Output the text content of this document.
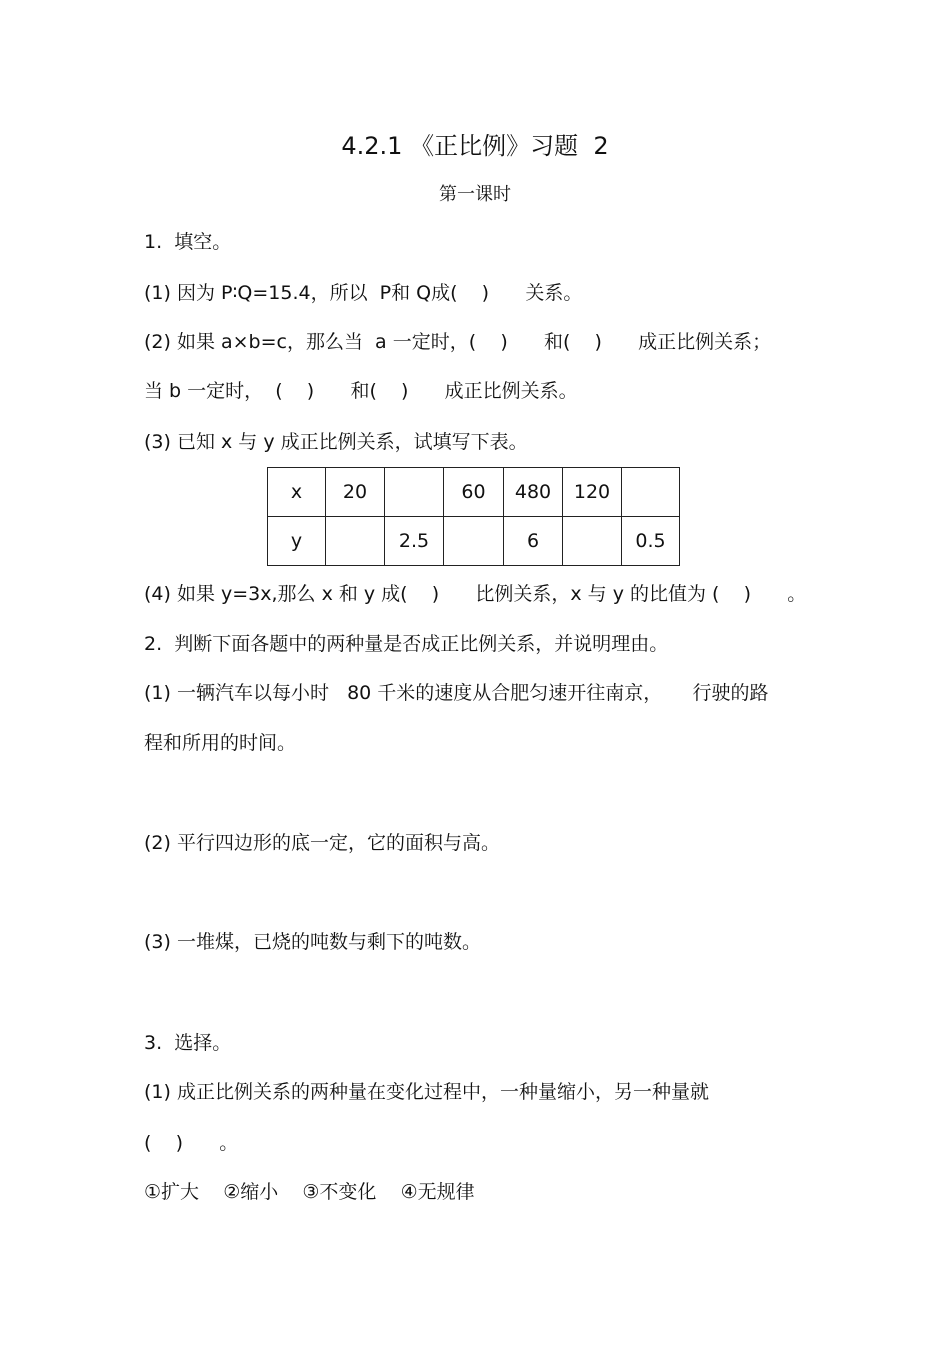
4.2.1 《正比例》习题  2
第一课时
1.  填空。
(1) 因为 P∶Q=15.4，所以  P和 Q成(    )      关系。
(2) 如果 a×b=c，那么当  a 一定时，(    )      和(    )      成正比例关系；
当 b 一定时，  (    )      和(    )      成正比例关系。
(3) 已知 x 与 y 成正比例关系，试填写下表。
x	20		60	480	120	
y		2.5		6		0.5
(4) 如果 y=3x,那么 x 和 y 成(    )      比例关系，x 与 y 的比值为 (    )      。
2.  判断下面各题中的两种量是否成正比例关系，并说明理由。
(1) 一辆汽车以每小时   80 千米的速度从合肥匀速开往南京，     行驶的路
程和所用的时间。
(2) 平行四边形的底一定，它的面积与高。
(3) 一堆煤，已烧的吨数与剩下的吨数。
3.  选择。
(1) 成正比例关系的两种量在变化过程中，一种量缩小，另一种量就
(    )      。
①扩大    ②缩小    ③不变化    ④无规律
